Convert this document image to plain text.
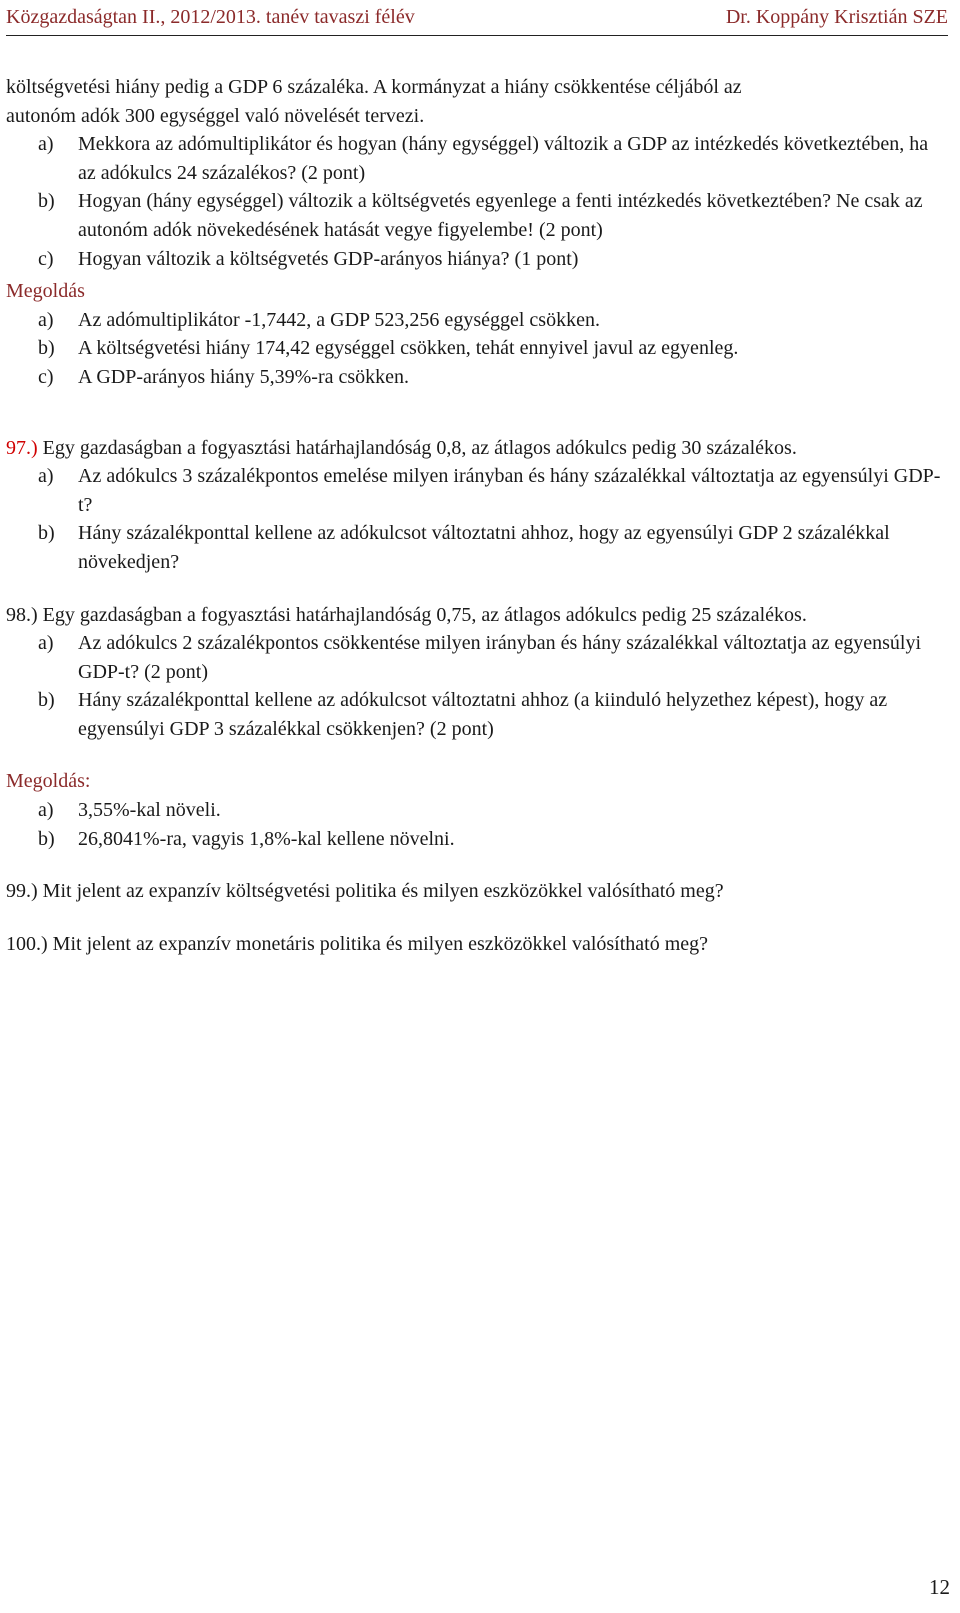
Közgazdaságtan II., 2012/2013. tanév tavaszi félév	Dr. Koppány Krisztián SZE

költségvetési hiány pedig a GDP 6 százaléka. A kormányzat a hiány csökkentése céljából az

autonóm adók 300 egységgel való növelését tervezi.

a) Mekkora az adómultiplikátor és hogyan (hány egységgel) változik a GDP az intézkedés következtében, ha az adókulcs 24 százalékos? (2 pont)
b) Hogyan (hány egységgel) változik a költségvetés egyenlege a fenti intézkedés következtében? Ne csak az autonóm adók növekedésének hatását vegye figyelembe! (2 pont)
c) Hogyan változik a költségvetés GDP-arányos hiánya? (1 pont)

Megoldás

a) Az adómultiplikátor -1,7442, a GDP 523,256 egységgel csökken.
b) A költségvetési hiány 174,42 egységgel csökken, tehát ennyivel javul az egyenleg.
c) A GDP-arányos hiány 5,39%-ra csökken.

97.) Egy gazdaságban a fogyasztási határhajlandóság 0,8, az átlagos adókulcs pedig 30 százalékos.

a) Az adókulcs 3 százalékpontos emelése milyen irányban és hány százalékkal változtatja az egyensúlyi GDP-t?
b) Hány százalékponttal kellene az adókulcsot változtatni ahhoz, hogy az egyensúlyi GDP 2 százalékkal növekedjen?

98.) Egy gazdaságban a fogyasztási határhajlandóság 0,75, az átlagos adókulcs pedig 25 százalékos.

a) Az adókulcs 2 százalékpontos csökkentése milyen irányban és hány százalékkal változtatja az egyensúlyi GDP-t? (2 pont)
b) Hány százalékponttal kellene az adókulcsot változtatni ahhoz (a kiinduló helyzethez képest), hogy az egyensúlyi GDP 3 százalékkal csökkenjen? (2 pont)

Megoldás:

a) 3,55%-kal növeli.
b) 26,8041%-ra, vagyis 1,8%-kal kellene növelni.

99.) Mit jelent az expanzív költségvetési politika és milyen eszközökkel valósítható meg?

100.) Mit jelent az expanzív monetáris politika és milyen eszközökkel valósítható meg?

12
